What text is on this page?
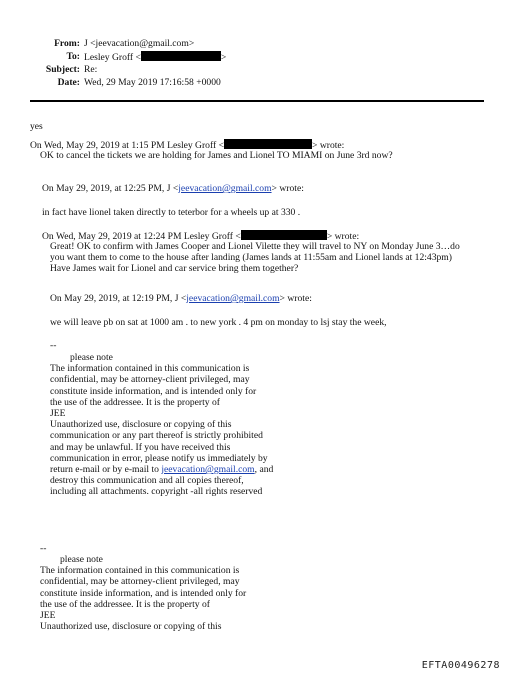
From: J <jeevacation@gmail.com>
To: Lesley Groff <	>
Subject: Re:
Date: Wed, 29 May 2019 17:16:58 +0000
yes
On Wed, May 29, 2019 at 1:15 PM Lesley Groff <	> wrote:
OK to cancel the tickets we are holding for James and Lionel TO MIAMI on June 3rd now?
On May 29, 2019, at 12:25 PM, J <jeevacation@gmail.com> wrote:
in fact have lionel taken directly to teterbor for a wheels up at 330 .
On Wed, May 29, 2019 at 12:24 PM Lesley Groff <	> wrote:
Great! OK to confirm with James Cooper and Lionel Vilette they will travel to NY on Monday June 3…do
you want them to come to the house after landing (James lands at 11:55am and Lionel lands at 12:43pm)
Have James wait for Lionel and car service bring them together?
On May 29, 2019, at 12:19 PM, J <jeevacation@gmail.com> wrote:
we will leave pb on sat at 1000 am . to new york . 4 pm on monday to lsj stay the week,
--
please note
The information contained in this communication is
confidential, may be attorney-client privileged, may
constitute inside information, and is intended only for
the use of the addressee. It is the property of
JEE
Unauthorized use, disclosure or copying of this
communication or any part thereof is strictly prohibited
and may be unlawful. If you have received this
communication in error, please notify us immediately by
return e-mail or by e-mail to jeevacation@gmail.com, and
destroy this communication and all copies thereof,
including all attachments. copyright -all rights reserved
--
please note
The information contained in this communication is
confidential, may be attorney-client privileged, may
constitute inside information, and is intended only for
the use of the addressee. It is the property of
JEE
Unauthorized use, disclosure or copying of this
EFTA00496278
